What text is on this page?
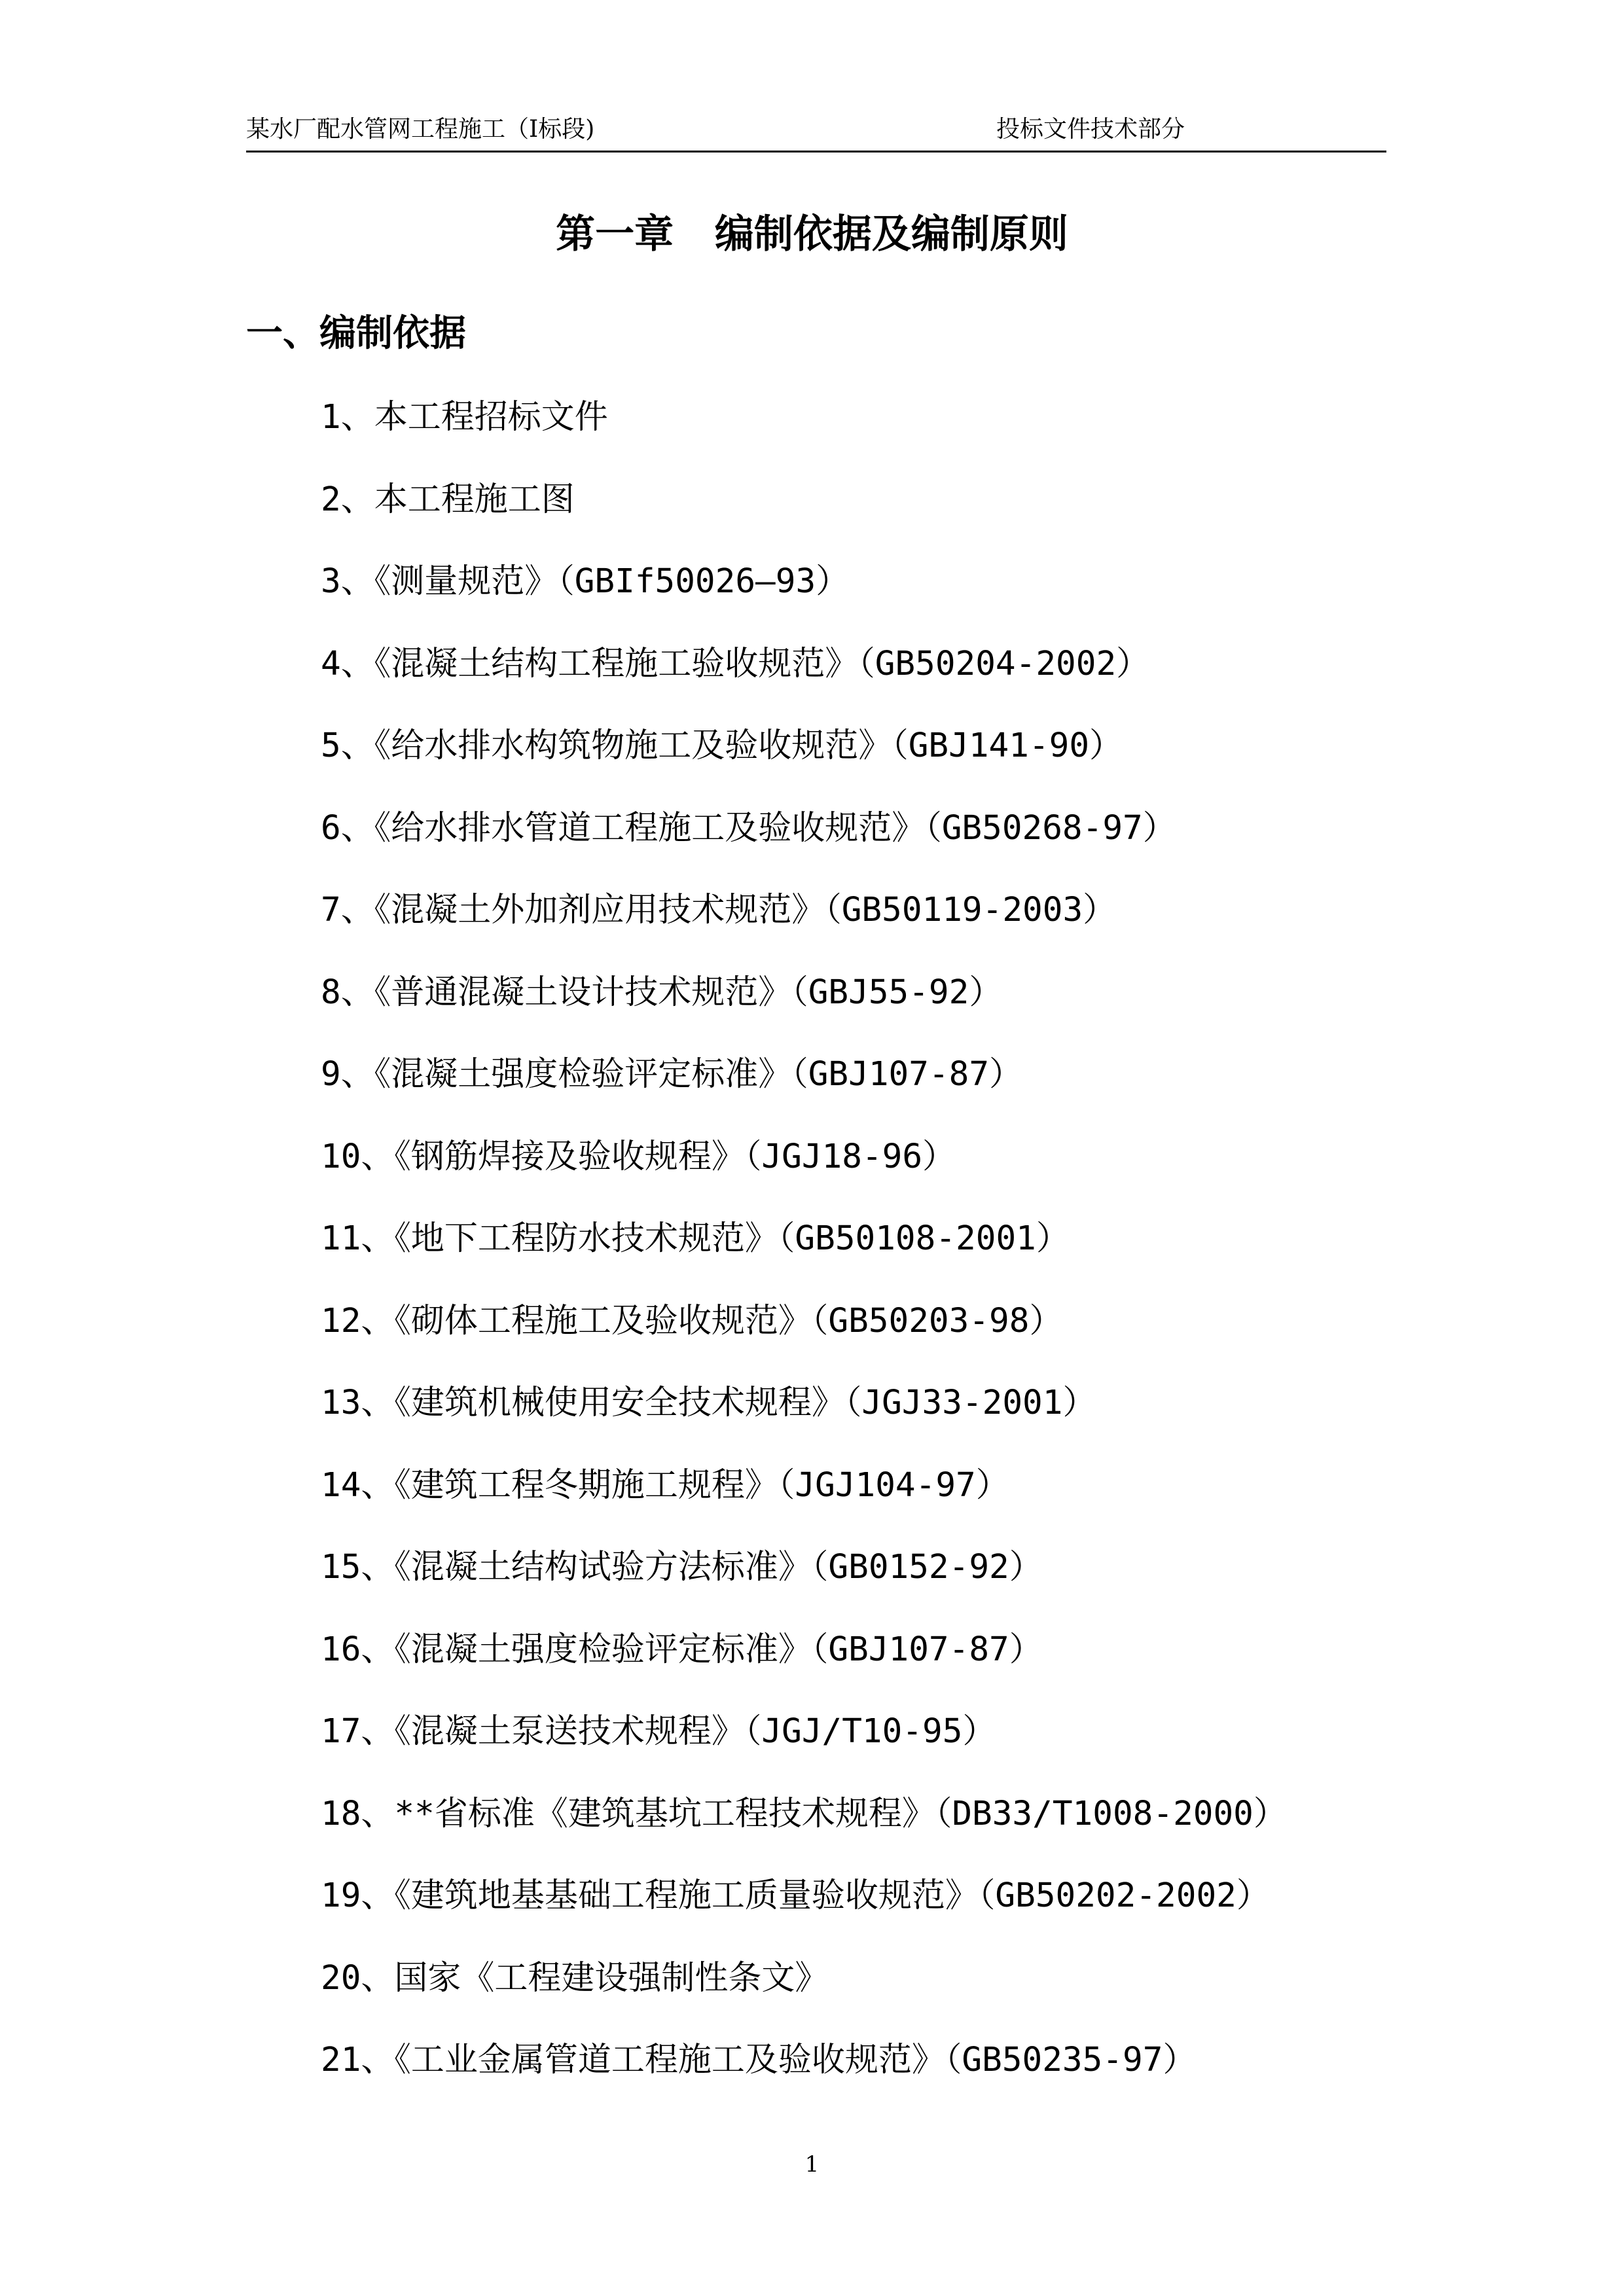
某水厂配水管网工程施工（Ⅰ标段)	投标文件技术部分
第一章   编制依据及编制原则
一、编制依据
1、本工程招标文件
2、本工程施工图
3、《测量规范》（GBIf50026—93）
4、《混凝土结构工程施工验收规范》（GB50204-2002）
5、《给水排水构筑物施工及验收规范》（GBJ141-90）
6、《给水排水管道工程施工及验收规范》（GB50268-97）
7、《混凝土外加剂应用技术规范》（GB50119-2003）
8、《普通混凝土设计技术规范》（GBJ55-92）
9、《混凝土强度检验评定标准》（GBJ107-87）
10、《钢筋焊接及验收规程》（JGJ18-96）
11、《地下工程防水技术规范》（GB50108-2001）
12、《砌体工程施工及验收规范》（GB50203-98）
13、《建筑机械使用安全技术规程》（JGJ33-2001）
14、《建筑工程冬期施工规程》（JGJ104-97）
15、《混凝土结构试验方法标准》（GB0152-92）
16、《混凝土强度检验评定标准》（GBJ107-87）
17、《混凝土泵送技术规程》（JGJ/T10-95）
18、**省标准《建筑基坑工程技术规程》（DB33/T1008-2000）
19、《建筑地基基础工程施工质量验收规范》（GB50202-2002）
20、国家《工程建设强制性条文》
21、《工业金属管道工程施工及验收规范》（GB50235-97）
1
